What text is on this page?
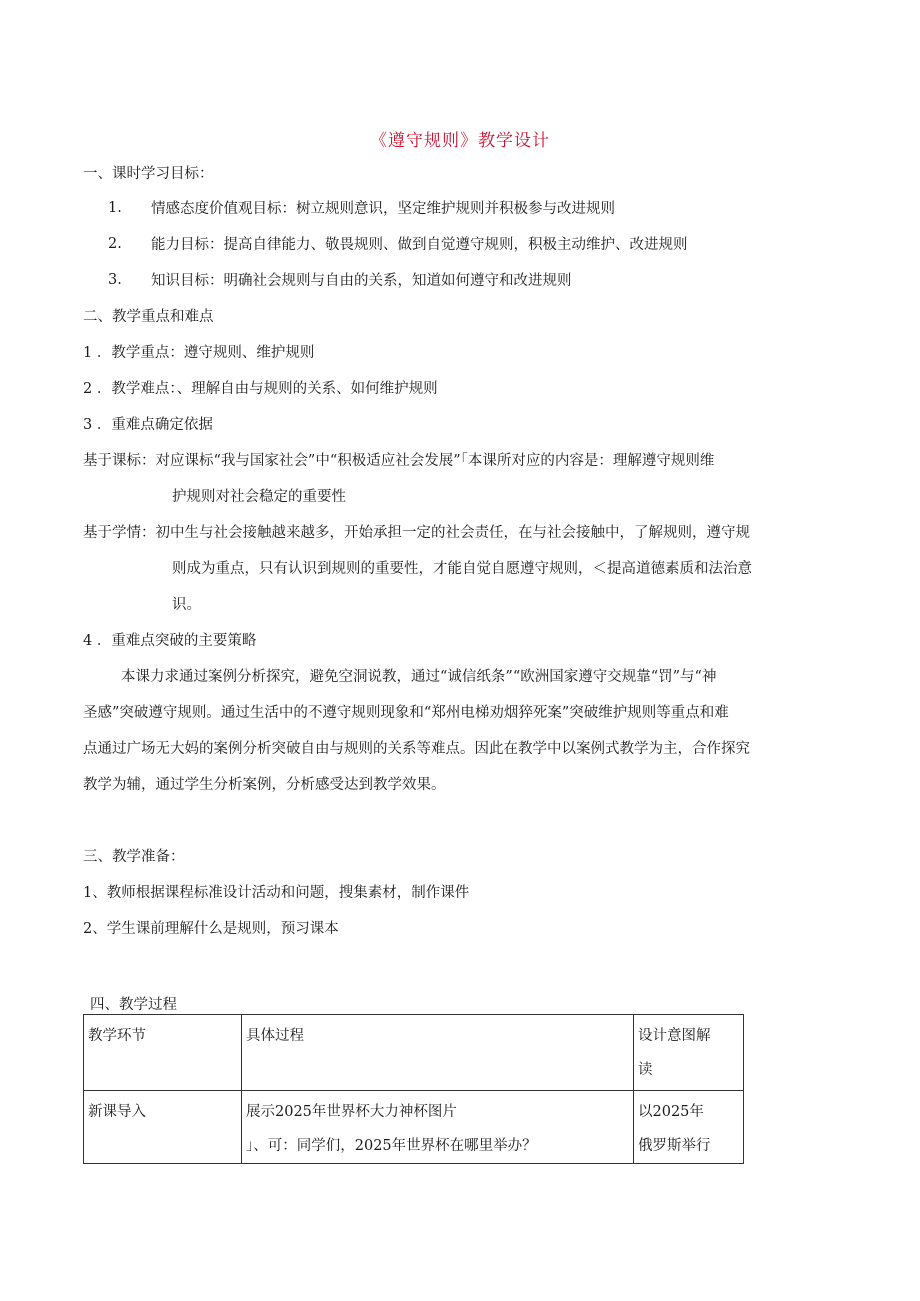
《遵守规则》教学设计
一、课时学习目标：
1. 情感态度价值观目标：树立规则意识，坚定维护规则并积极参与改进规则
2. 能力目标：提高自律能力、敬畏规则、做到自觉遵守规则，积极主动维护、改进规则
3. 知识目标：明确社会规则与自由的关系，知道如何遵守和改进规则
二、教学重点和难点
1 ．教学重点：遵守规则、维护规则
2 ．教学难点：、理解自由与规则的关系、如何维护规则
3 ．重难点确定依据
基于课标：对应课标“我与国家社会”中“积极适应社会发展”「本课所对应的内容是：理解遵守规则维
护规则对社会稳定的重要性
基于学情：初中生与社会接触越来越多，开始承担一定的社会责任，在与社会接触中，了解规则，遵守规
则成为重点，只有认识到规则的重要性，才能自觉自愿遵守规则，＜提高道德素质和法治意
识。
4 ．重难点突破的主要策略
本课力求通过案例分析探究，避免空洞说教，通过“诚信纸条”“欧洲国家遵守交规靠“罚”与“神
圣感”突破遵守规则。通过生活中的不遵守规则现象和“郑州电梯劝烟猝死案”突破维护规则等重点和难
点通过广场无大妈的案例分析突破自由与规则的关系等难点。因此在教学中以案例式教学为主，合作探究
教学为辅，通过学生分析案例，分析感受达到教学效果。
三、教学准备：
1、教师根据课程标准设计活动和问题，搜集素材，制作课件
2、学生课前理解什么是规则，预习课本
四、教学过程
教学环节	具体过程	设计意图解
读

新课导入	展示2025年世界杯大力神杯图片
」、可：同学们，2025年世界杯在哪里举办？	以2025年
俄罗斯举行
